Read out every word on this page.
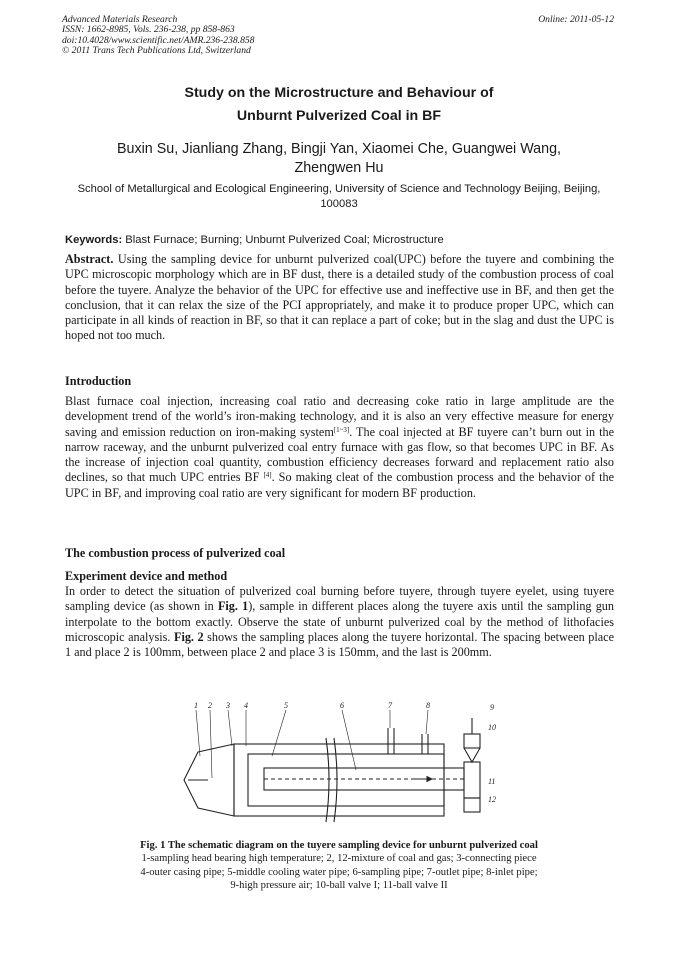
Advanced Materials Research
ISSN: 1662-8985, Vols. 236-238, pp 858-863
doi:10.4028/www.scientific.net/AMR.236-238.858
© 2011 Trans Tech Publications Ltd, Switzerland
Online: 2011-05-12
Study on the Microstructure and Behaviour of
Unburnt Pulverized Coal in BF
Buxin Su, Jianliang Zhang, Bingji Yan, Xiaomei Che, Guangwei Wang, Zhengwen Hu
School of Metallurgical and Ecological Engineering, University of Science and Technology Beijing, Beijing, 100083
Keywords: Blast Furnace; Burning; Unburnt Pulverized Coal; Microstructure
Abstract. Using the sampling device for unburnt pulverized coal(UPC) before the tuyere and combining the UPC microscopic morphology which are in BF dust, there is a detailed study of the combustion process of coal before the tuyere. Analyze the behavior of the UPC for effective use and ineffective use in BF, and then get the conclusion, that it can relax the size of the PCI appropriately, and make it to produce proper UPC, which can participate in all kinds of reaction in BF, so that it can replace a part of coke; but in the slag and dust the UPC is hoped not too much.
Introduction
Blast furnace coal injection, increasing coal ratio and decreasing coke ratio in large amplitude are the development trend of the world’s iron-making technology, and it is also an very effective measure for energy saving and emission reduction on iron-making system[1~3]. The coal injected at BF tuyere can’t burn out in the narrow raceway, and the unburnt pulverized coal entry furnace with gas flow, so that becomes UPC in BF. As the increase of injection coal quantity, combustion efficiency decreases forward and replacement ratio also declines, so that much UPC entries BF [4]. So making cleat of the combustion process and the behavior of the UPC in BF, and improving coal ratio are very significant for modern BF production.
The combustion process of pulverized coal
Experiment device and method
In order to detect the situation of pulverized coal burning before tuyere, through tuyere eyelet, using tuyere sampling device (as shown in Fig. 1), sample in different places along the tuyere axis until the sampling gun interpolate to the bottom exactly. Observe the state of unburnt pulverized coal by the method of lithofacies microscopic analysis. Fig. 2 shows the sampling places along the tuyere horizontal. The spacing between place 1 and place 2 is 100mm, between place 2 and place 3 is 150mm, and the last is 200mm.
1 2 3 4	5	6	7	8	9
10
11
12
Fig. 1 The schematic diagram on the tuyere sampling device for unburnt pulverized coal
1-sampling head bearing high temperature; 2, 12-mixture of coal and gas; 3-connecting piece
4-outer casing pipe; 5-middle cooling water pipe; 6-sampling pipe; 7-outlet pipe; 8-inlet pipe;
9-high pressure air; 10-ball valve I; 11-ball valve II
